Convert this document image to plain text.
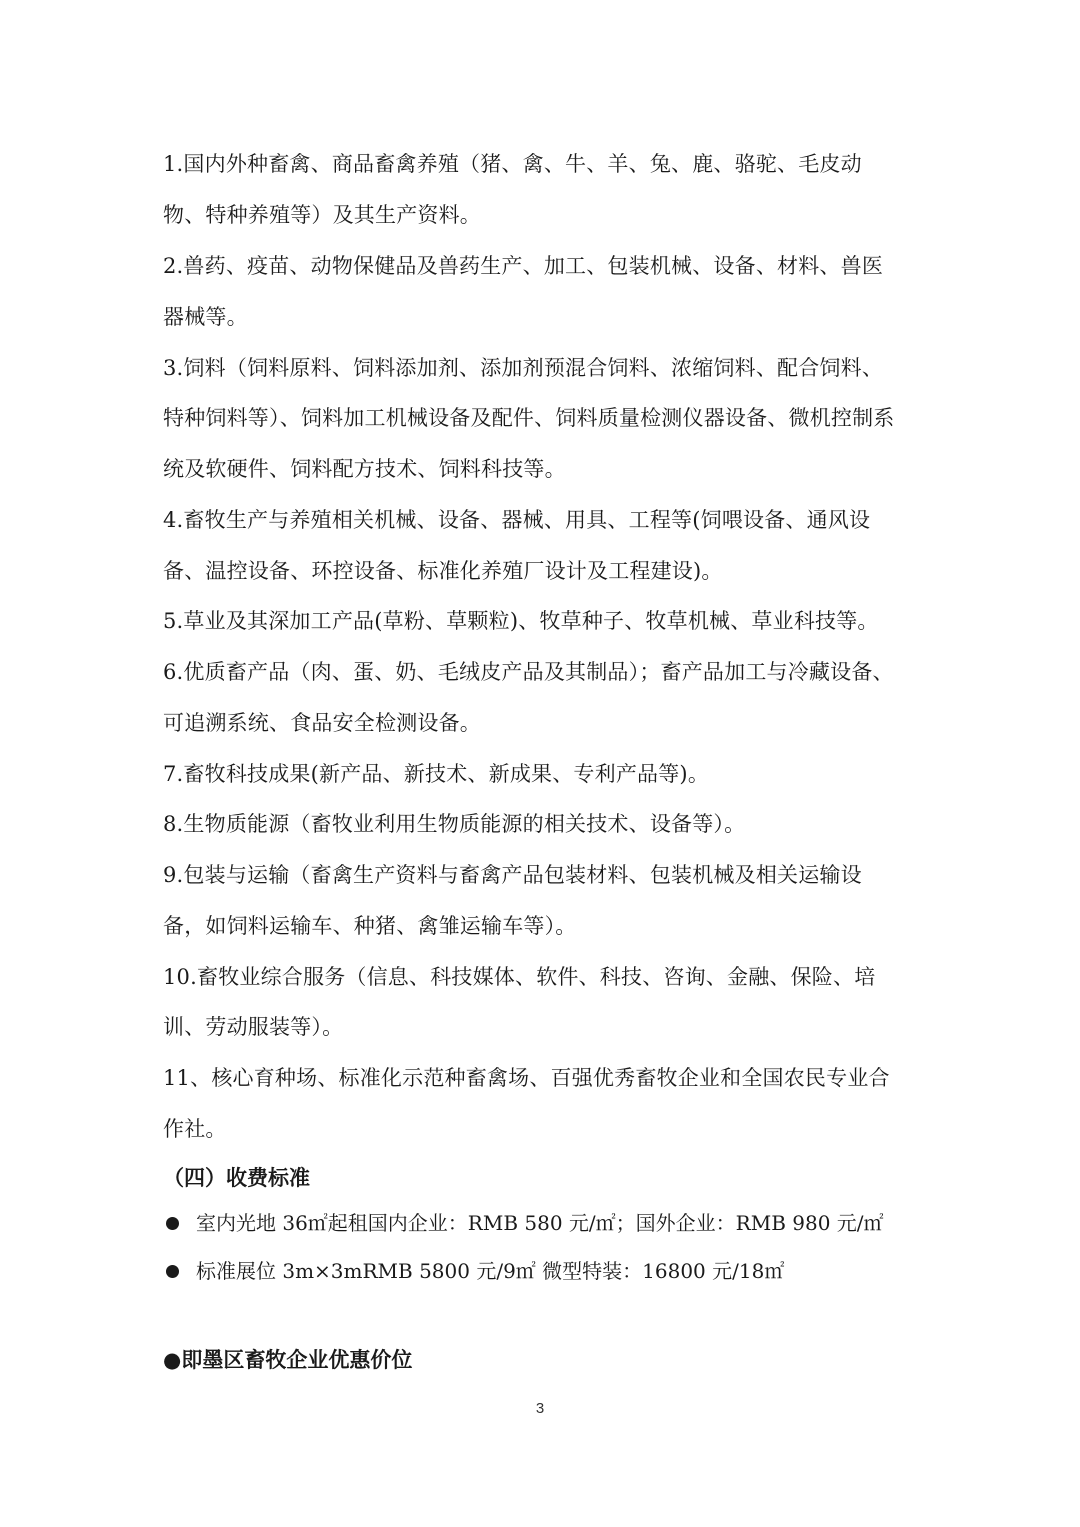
1.国内外种畜禽、商品畜禽养殖（猪、禽、牛、羊、兔、鹿、骆驼、毛皮动
物、特种养殖等）及其生产资料。
2.兽药、疫苗、动物保健品及兽药生产、加工、包装机械、设备、材料、兽医
器械等。
3.饲料（饲料原料、饲料添加剂、添加剂预混合饲料、浓缩饲料、配合饲料、
特种饲料等）、饲料加工机械设备及配件、饲料质量检测仪器设备、微机控制系
统及软硬件、饲料配方技术、饲料科技等。
4.畜牧生产与养殖相关机械、设备、器械、用具、工程等(饲喂设备、通风设
备、温控设备、环控设备、标准化养殖厂设计及工程建设)。
5.草业及其深加工产品(草粉、草颗粒)、牧草种子、牧草机械、草业科技等。
6.优质畜产品（肉、蛋、奶、毛绒皮产品及其制品）；畜产品加工与冷藏设备、
可追溯系统、食品安全检测设备。
7.畜牧科技成果(新产品、新技术、新成果、专利产品等)。
8.生物质能源（畜牧业利用生物质能源的相关技术、设备等）。
9.包装与运输（畜禽生产资料与畜禽产品包装材料、包装机械及相关运输设
备，如饲料运输车、种猪、禽雏运输车等）。
10.畜牧业综合服务（信息、科技媒体、软件、科技、咨询、金融、保险、培
训、劳动服装等）。
11、核心育种场、标准化示范种畜禽场、百强优秀畜牧企业和全国农民专业合
作社。
（四）收费标准
室内光地 36㎡起租国内企业：RMB 580 元/㎡；国外企业：RMB 980 元/㎡
标准展位 3m×3mRMB 5800 元/9㎡ 微型特装：16800 元/18㎡
●即墨区畜牧企业优惠价位
3
